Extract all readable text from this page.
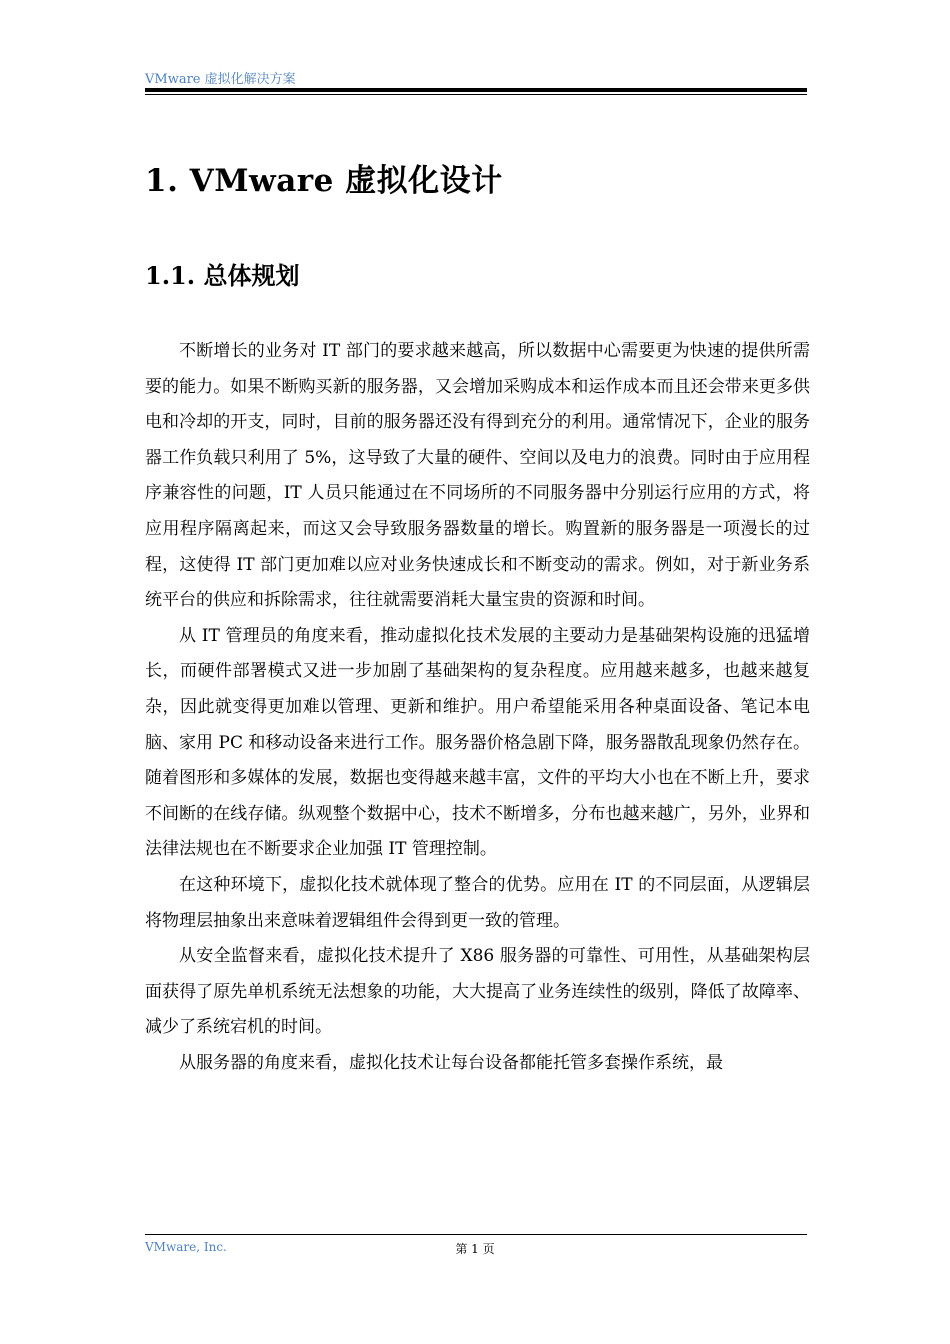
VMware 虚拟化解决方案
1. VMware 虚拟化设计
1.1. 总体规划

不断增长的业务对 IT 部门的要求越来越高，所以数据中心需要更为快速的提供所需要的能力。如果不断购买新的服务器，又会增加采购成本和运作成本而且还会带来更多供电和冷却的开支，同时，目前的服务器还没有得到充分的利用。通常情况下，企业的服务器工作负载只利用了 5%，这导致了大量的硬件、空间以及电力的浪费。同时由于应用程序兼容性的问题，IT 人员只能通过在不同场所的不同服务器中分别运行应用的方式，将应用程序隔离起来，而这又会导致服务器数量的增长。购置新的服务器是一项漫长的过程，这使得 IT 部门更加难以应对业务快速成长和不断变动的需求。例如，对于新业务系统平台的供应和拆除需求，往往就需要消耗大量宝贵的资源和时间。

从 IT 管理员的角度来看，推动虚拟化技术发展的主要动力是基础架构设施的迅猛增长，而硬件部署模式又进一步加剧了基础架构的复杂程度。应用越来越多，也越来越复杂，因此就变得更加难以管理、更新和维护。用户希望能采用各种桌面设备、笔记本电脑、家用 PC 和移动设备来进行工作。服务器价格急剧下降，服务器散乱现象仍然存在。随着图形和多媒体的发展，数据也变得越来越丰富，文件的平均大小也在不断上升，要求不间断的在线存储。纵观整个数据中心，技术不断增多，分布也越来越广，另外，业界和法律法规也在不断要求企业加强 IT 管理控制。

在这种环境下，虚拟化技术就体现了整合的优势。应用在 IT 的不同层面，从逻辑层将物理层抽象出来意味着逻辑组件会得到更一致的管理。

从安全监督来看，虚拟化技术提升了 X86 服务器的可靠性、可用性，从基础架构层面获得了原先单机系统无法想象的功能，大大提高了业务连续性的级别，降低了故障率、减少了系统宕机的时间。

从服务器的角度来看，虚拟化技术让每台设备都能托管多套操作系统，最

VMware, Inc.	第 1 页
